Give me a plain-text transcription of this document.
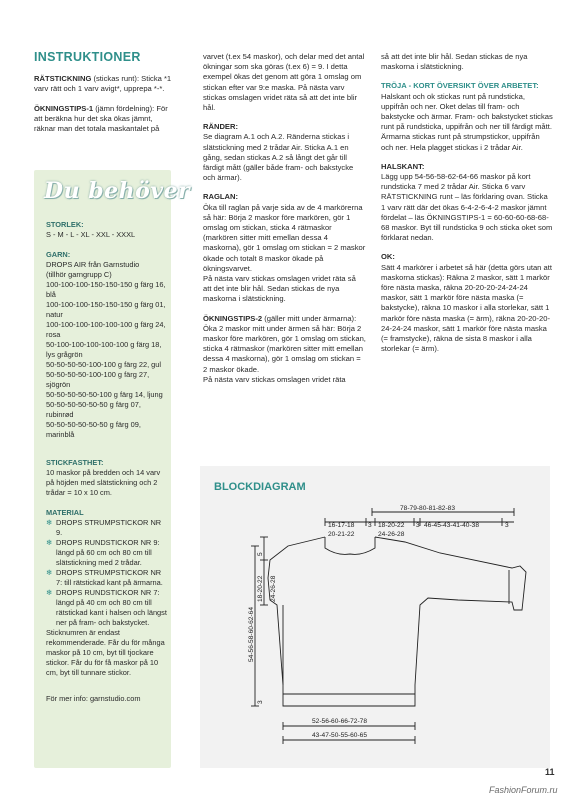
INSTRUKTIONER

RÄTSTICKNING (stickas runt): Sticka *1 varv rätt och 1 varv avigt*, upprepa *-*.

ÖKNINGSTIPS-1 (jämn fördelning): För att beräkna hur det ska ökas jämnt, räknar man det totala maskantalet på

Du behöver

STORLEK:
S - M - L - XL - XXL - XXXL

GARN:
DROPS AIR från Garnstudio
(tillhör garngrupp C)
100-100-100-150-150-150 g färg 16, blå
100-100-100-150-150-150 g färg 01, natur
100-100-100-100-100-100 g färg 24, rosa
50-100-100-100-100-100 g färg 18, lys grågrön
50-50-50-50-100-100 g färg 22, gul
50-50-50-50-100-100 g färg 27, sjögrön
50-50-50-50-50-100 g färg 14, ljung
50-50-50-50-50-50 g färg 07, rubinrød
50-50-50-50-50-50 g färg 09, marinblå

STICKFASTHET:
10 maskor på bredden och 14 varv på höjden med slätstickning och 2 trådar = 10 x 10 cm.

MATERIAL

❄ DROPS STRUMPSTICKOR NR 9.
❄ DROPS RUNDSTICKOR NR 9: längd på 60 cm och 80 cm till slätstickning med 2 trådar.
❄ DROPS STRUMPSTICKOR NR 7: till rätstickad kant på ärmarna.
❄ DROPS RUNDSTICKOR NR 7: längd på 40 cm och 80 cm till rätstickad kant i halsen och längst ner på fram- och bakstycket.

Sticknumren är endast rekommenderade. Får du för många maskor på 10 cm, byt till tjockare stickor. Får du för få maskor på 10 cm, byt till tunnare stickor.

För mer info: garnstudio.com

varvet (t.ex 54 maskor), och delar med det antal ökningar som ska göras (t.ex 6) = 9. I detta exempel ökas det genom att göra 1 omslag om stickan efter var 9:e maska. På nästa varv stickas omslagen vridet räta så att det inte blir hål.

RÄNDER:
Se diagram A.1 och A.2. Ränderna stickas i slätstickning med 2 trådar Air. Sticka A.1 en gång, sedan stickas A.2 så långt det går till färdigt mått (gäller både fram- och bakstycke och ärmar).

RAGLAN:
Öka till raglan på varje sida av de 4 markörerna så här: Börja 2 maskor före markören, gör 1 omslag om stickan, sticka 4 rätmaskor (markören sitter mitt emellan dessa 4 maskorna), gör 1 omslag om stickan = 2 maskor ökade och totalt 8 maskor ökade på ökningsvarvet.

På nästa varv stickas omslagen vridet räta så att det inte blir hål. Sedan stickas de nya maskorna i slätstickning.

ÖKNINGSTIPS-2 (gäller mitt under ärmarna): Öka 2 maskor mitt under ärmen så här: Börja 2 maskor före markören, gör 1 omslag om stickan, sticka 4 rätmaskor (markören sitter mitt emellan dessa 4 maskorna), gör 1 omslag om stickan = 2 maskor ökade.

På nästa varv stickas omslagen vridet räta

så att det inte blir hål. Sedan stickas de nya maskorna i slätstickning.

TRÖJA - KORT ÖVERSIKT ÖVER ARBETET:
Halskant och ok stickas runt på rundsticka, uppifrån och ner. Oket delas till fram- och bakstycke och ärmar. Fram- och bakstycket stickas runt på rundsticka, uppifrån och ner till färdigt mått. Ärmarna stickas runt på strumpstickor, uppifrån och ner. Hela plagget stickas i 2 trådar Air.

HALSKANT:
Lägg upp 54-56-58-62-64-66 maskor på kort rundsticka 7 med 2 trådar Air. Sticka 6 varv RÄTSTICKNING runt – läs förklaring ovan. Sticka 1 varv rätt där det ökas 6-4-2-6-4-2 maskor jämnt fördelat – läs ÖKNINGSTIPS-1 = 60-60-60-68-68-68 maskor. Byt till rundsticka 9 och sticka oket som förklarat nedan.

OK:
Sätt 4 markörer i arbetet så här (detta görs utan att maskorna stickas): Räkna 2 maskor, sätt 1 markör före nästa maska, räkna 20-20-20-24-24-24 maskor, sätt 1 markör före nästa maska (= bakstycke), räkna 10 maskor i alla storlekar, sätt 1 markör före nästa maska (= ärm), räkna 20-20-20-24-24-24 maskor, sätt 1 markör före nästa maska (= framstycke), räkna de sista 8 maskor i alla storlekar (= ärm).

BLOCKDIAGRAM
78-79-80-81-82-83
16-17-18
20-21-22
3 18-20-22
24-26-28
3 46-45-43-41-40-38	3
5
18-20-22 24-26-28
54-56-58-60-62-64
3
52-56-60-66-72-78
43-47-50-55-60-65
11
FashionForum.ru
